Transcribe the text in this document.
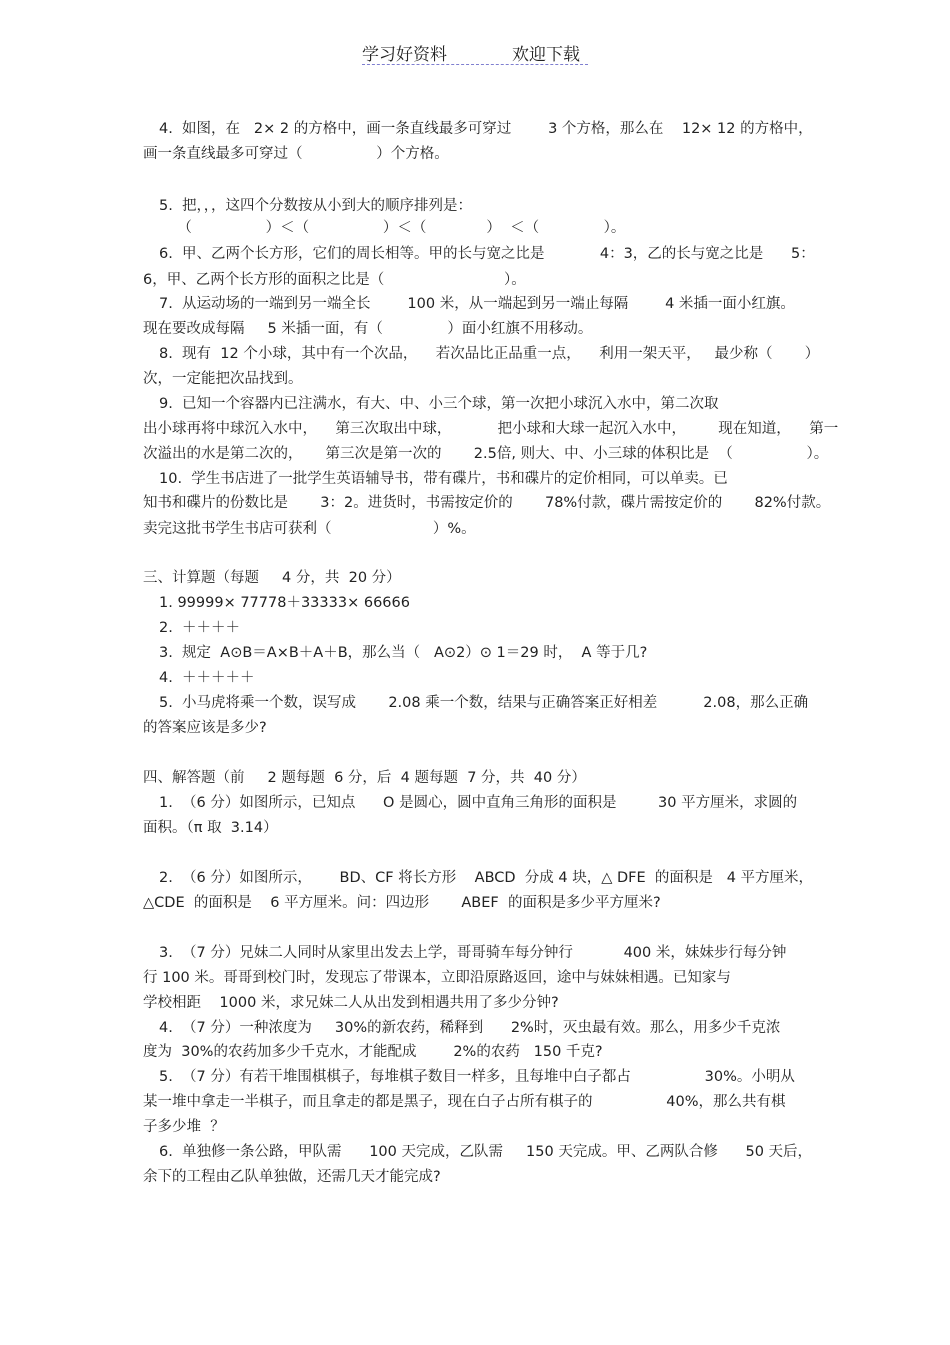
学习好资料	欢迎下载
4.  如图，在   2× 2 的方格中，画一条直线最多可穿过        3 个方格，那么在    12× 12 的方格中，
画一条直线最多可穿过（                ）个方格。
5.  把，，，这四个分数按从小到大的顺序排列是：
（                ）＜（                ）＜（             ）  ＜（              ）。
6.  甲、乙两个长方形，它们的周长相等。甲的长与宽之比是            4：3，乙的长与宽之比是      5：
6，甲、乙两个长方形的面积之比是（                          ）。
7.  从运动场的一端到另一端全长        100 米，从一端起到另一端止每隔        4 米插一面小红旗。
现在要改成每隔     5 米插一面，有（              ）面小红旗不用移动。
8.  现有  12 个小球，其中有一个次品，    若次品比正品重一点，    利用一架天平，   最少称（       ）
次，一定能把次品找到。
9.  已知一个容器内已注满水，有大、中、小三个球，第一次把小球沉入水中，第二次取
出小球再将中球沉入水中，    第三次取出中球，          把小球和大球一起沉入水中，       现在知道，    第一
次溢出的水是第二次的，     第三次是第一次的       2.5倍, 则大、中、小三球的体积比是  （                ）。
10.  学生书店进了一批学生英语辅导书，带有碟片，书和碟片的定价相同，可以单卖。已
知书和碟片的份数比是       3：2。进货时，书需按定价的       78%付款，碟片需按定价的       82%付款。
卖完这批书学生书店可获利（                      ）%。
三、计算题（每题     4 分，共  20 分）
1. 99999× 77778＋33333× 66666
2.  ＋＋＋＋
3.  规定  A⊙B＝A×B＋A＋B，那么当（   A⊙2）⊙ 1＝29 时，  A 等于几?
4.  ＋＋＋＋＋
5.  小马虎将乘一个数，误写成       2.08 乘一个数，结果与正确答案正好相差          2.08，那么正确
的答案应该是多少?
四、解答题（前     2 题每题  6 分，后  4 题每题  7 分，共  40 分）
1.  （6 分）如图所示，已知点      O 是圆心，圆中直角三角形的面积是         30 平方厘米，求圆的
面积。（π 取  3.14）
2.  （6 分）如图所示，      BD、CF 将长方形    ABCD  分成 4 块，△ DFE  的面积是   4 平方厘米，
△CDE  的面积是    6 平方厘米。问：四边形       ABEF  的面积是多少平方厘米?
3.  （7 分）兄妹二人同时从家里出发去上学，哥哥骑车每分钟行           400 米，妹妹步行每分钟
行 100 米。哥哥到校门时，发现忘了带课本，立即沿原路返回，途中与妹妹相遇。已知家与
学校相距    1000 米，求兄妹二人从出发到相遇共用了多少分钟?
4.  （7 分）一种浓度为     30%的新农药，稀释到      2%时，灭虫最有效。那么，用多少千克浓
度为  30%的农药加多少千克水，才能配成        2%的农药   150 千克?
5.  （7 分）有若干堆围棋棋子，每堆棋子数目一样多，且每堆中白子都占                30%。小明从
某一堆中拿走一半棋子，而且拿走的都是黑子，现在白子占所有棋子的                40%，那么共有棋
子多少堆  ？
6.  单独修一条公路，甲队需      100 天完成，乙队需     150 天完成。甲、乙两队合修      50 天后，
余下的工程由乙队单独做，还需几天才能完成?
